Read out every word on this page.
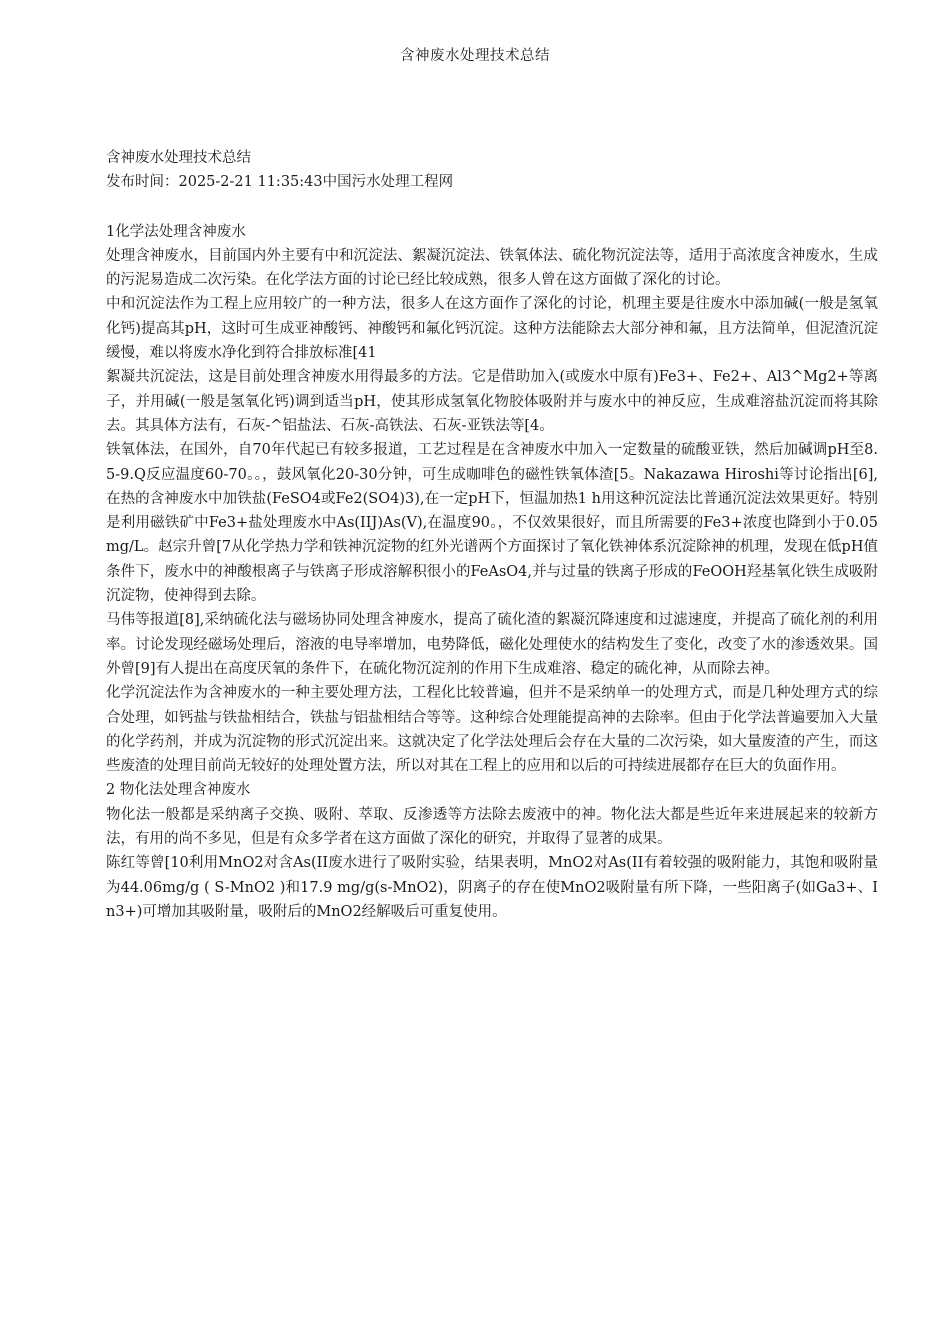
含神废水处理技术总结

含神废水处理技术总结

发布时间：2025-2-21 11:35:43中国污水处理工程网

1化学法处理含神废水

处理含神废水，目前国内外主要有中和沉淀法、絮凝沉淀法、铁氧体法、硫化物沉淀法等，适用于高浓度含神废水，生成的污泥易造成二次污染。在化学法方面的讨论已经比较成熟，很多人曾在这方面做了深化的讨论。

中和沉淀法作为工程上应用较广的一种方法，很多人在这方面作了深化的讨论，机理主要是往废水中添加碱(一般是氢氧化钙)提高其pH，这时可生成亚神酸钙、神酸钙和氟化钙沉淀。这种方法能除去大部分神和氟，且方法简单，但泥渣沉淀缓慢，难以将废水净化到符合排放标准[41

絮凝共沉淀法，这是目前处理含神废水用得最多的方法。它是借助加入(或废水中原有)Fe3+、Fe2+、Al3^Mg2+等离子，并用碱(一般是氢氧化钙)调到适当pH，使其形成氢氧化物胶体吸附并与废水中的神反应，生成难溶盐沉淀而将其除去。其具体方法有，石灰-^铝盐法、石灰-高铁法、石灰-亚铁法等[4。

铁氧体法，在国外，自70年代起已有较多报道，工艺过程是在含神废水中加入一定数量的硫酸亚铁，然后加碱调pH至8.5-9.Q反应温度60-70。。，鼓风氧化20-30分钟，可生成咖啡色的磁性铁氧体渣[5。Nakazawa Hiroshi等讨论指出[6],在热的含神废水中加铁盐(FeSO4或Fe2(SO4)3),在一定pH下，恒温加热1 h用这种沉淀法比普通沉淀法效果更好。特别是利用磁铁矿中Fe3+盐处理废水中As(IIJ)As(V),在温度90。，不仅效果很好，而且所需要的Fe3+浓度也降到小于0.05mg/L。赵宗升曾[7从化学热力学和铁神沉淀物的红外光谱两个方面探讨了氧化铁神体系沉淀除神的机理，发现在低pH值条件下，废水中的神酸根离子与铁离子形成溶解积很小的FeAsO4,并与过量的铁离子形成的FeOOH羟基氧化铁生成吸附沉淀物，使神得到去除。

马伟等报道[8],采纳硫化法与磁场协同处理含神废水，提高了硫化渣的絮凝沉降速度和过滤速度，并提高了硫化剂的利用率。讨论发现经磁场处理后，溶液的电导率增加，电势降低，磁化处理使水的结构发生了变化，改变了水的渗透效果。国外曾[9]有人提出在高度厌氧的条件下，在硫化物沉淀剂的作用下生成难溶、稳定的硫化神，从而除去神。

化学沉淀法作为含神废水的一种主要处理方法，工程化比较普遍，但并不是采纳单一的处理方式，而是几种处理方式的综合处理，如钙盐与铁盐相结合，铁盐与铝盐相结合等等。这种综合处理能提高神的去除率。但由于化学法普遍要加入大量的化学药剂，并成为沉淀物的形式沉淀出来。这就决定了化学法处理后会存在大量的二次污染，如大量废渣的产生，而这些废渣的处理目前尚无较好的处理处置方法，所以对其在工程上的应用和以后的可持续进展都存在巨大的负面作用。

2 物化法处理含神废水

物化法一般都是采纳离子交换、吸附、萃取、反渗透等方法除去废液中的神。物化法大都是些近年来进展起来的较新方法，有用的尚不多见，但是有众多学者在这方面做了深化的研究，并取得了显著的成果。

陈红等曾[10利用MnO2对含As(II废水进行了吸附实验，结果表明，MnO2对As(II有着较强的吸附能力，其饱和吸附量为44.06mg/g ( S-MnO2 )和17.9 mg/g(s-MnO2)，阴离子的存在使MnO2吸附量有所下降，一些阳离子(如Ga3+、In3+)可增加其吸附量，吸附后的MnO2经解吸后可重复使用。
